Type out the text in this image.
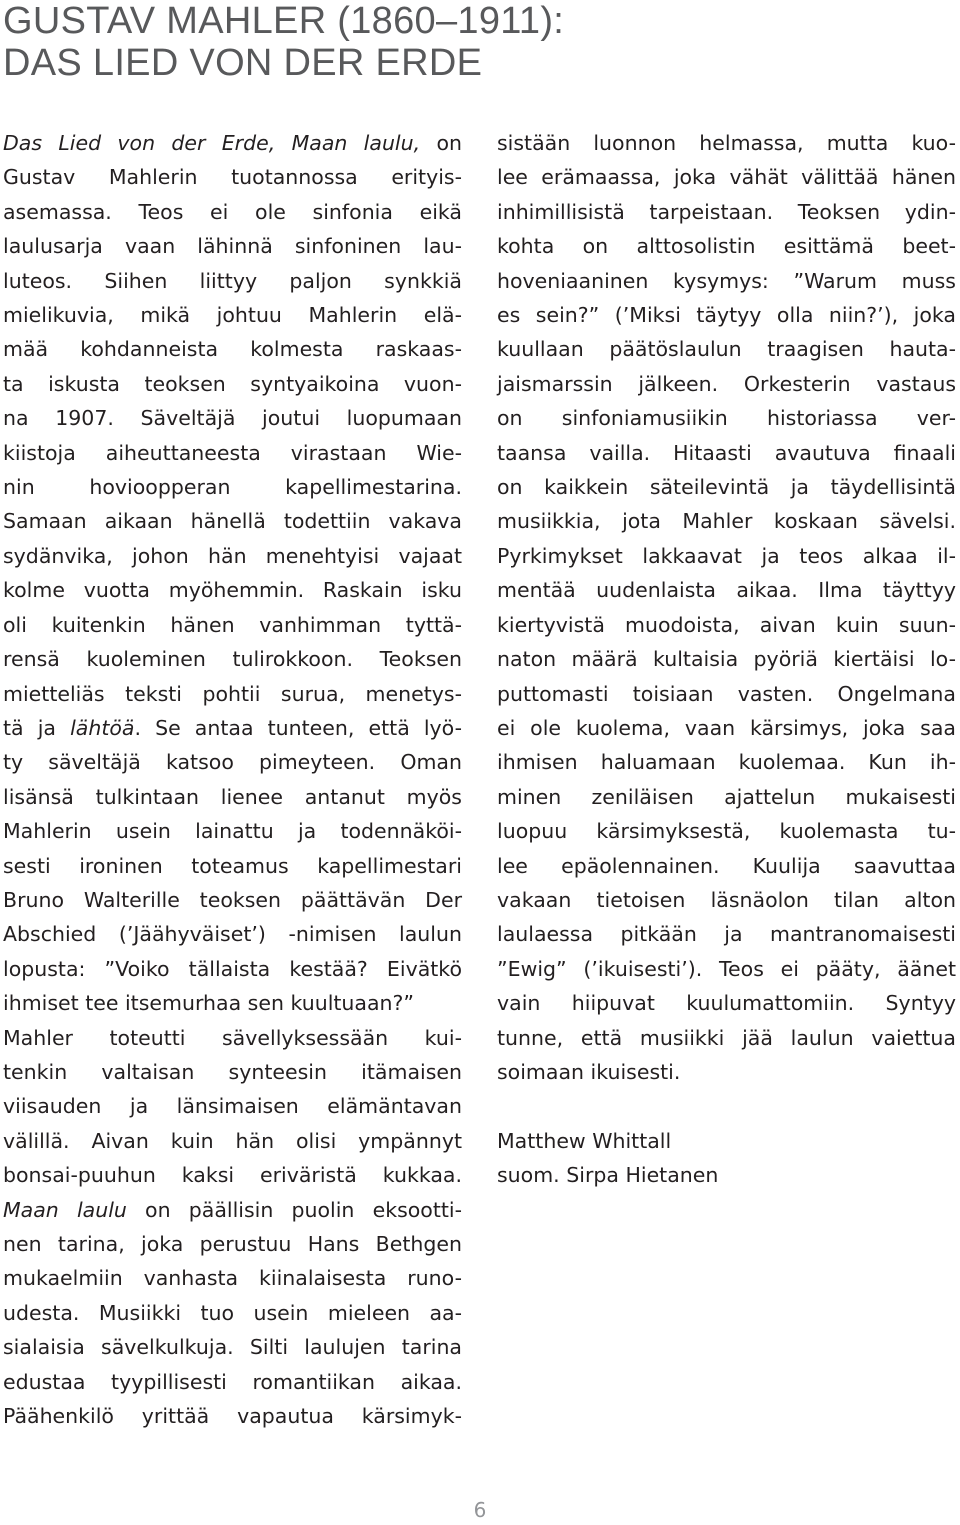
GUSTAV MAHLER (1860–1911):
DAS LIED VON DER ERDE
Das Lied von der Erde, Maan laulu, on
Gustav Mahlerin tuotannossa erityis-
asemassa. Teos ei ole sinfonia eikä
laulusarja vaan lähinnä sinfoninen lau-
luteos. Siihen liittyy paljon synkkiä
mielikuvia, mikä johtuu Mahlerin elä-
mää kohdanneista kolmesta raskaas-
ta iskusta teoksen syntyaikoina vuon-
na 1907. Säveltäjä joutui luopumaan
kiistoja aiheuttaneesta virastaan Wie-
nin hovioopperan kapellimestarina.
Samaan aikaan hänellä todettiin vakava
sydänvika, johon hän menehtyisi vajaat
kolme vuotta myöhemmin. Raskain isku
oli kuitenkin hänen vanhimman tyttä-
rensä kuoleminen tulirokkoon. Teoksen
mietteliäs teksti pohtii surua, menetys-
tä ja lähtöä. Se antaa tunteen, että lyö-
ty säveltäjä katsoo pimeyteen. Oman
lisänsä tulkintaan lienee antanut myös
Mahlerin usein lainattu ja todennäköi-
sesti ironinen toteamus kapellimestari
Bruno Walterille teoksen päättävän Der
Abschied (’Jäähyväiset’) -nimisen laulun
lopusta: ”Voiko tällaista kestää? Eivätkö
ihmiset tee itsemurhaa sen kuultuaan?”
Mahler toteutti sävellyksessään kui-
tenkin valtaisan synteesin itämaisen
viisauden ja länsimaisen elämäntavan
välillä. Aivan kuin hän olisi ympännyt
bonsai-puuhun kaksi eriväristä kukkaa.
Maan laulu on päällisin puolin eksootti-
nen tarina, joka perustuu Hans Bethgen
mukaelmiin vanhasta kiinalaisesta runo-
udesta. Musiikki tuo usein mieleen aa-
sialaisia sävelkulkuja. Silti laulujen tarina
edustaa tyypillisesti romantiikan aikaa.
Päähenkilö yrittää vapautua kärsimyk-
sistään luonnon helmassa, mutta kuo-
lee erämaassa, joka vähät välittää hänen
inhimillisistä tarpeistaan. Teoksen ydin-
kohta on alttosolistin esittämä beet-
hoveniaaninen kysymys: ”Warum muss
es sein?” (’Miksi täytyy olla niin?’), joka
kuullaan päätöslaulun traagisen hauta-
jaismarssin jälkeen. Orkesterin vastaus
on sinfoniamusiikin historiassa ver-
taansa vailla. Hitaasti avautuva finaali
on kaikkein säteilevintä ja täydellisintä
musiikkia, jota Mahler koskaan sävelsi.
Pyrkimykset lakkaavat ja teos alkaa il-
mentää uudenlaista aikaa. Ilma täyttyy
kiertyvistä muodoista, aivan kuin suun-
naton määrä kultaisia pyöriä kiertäisi lo-
puttomasti toisiaan vasten. Ongelmana
ei ole kuolema, vaan kärsimys, joka saa
ihmisen haluamaan kuolemaa. Kun ih-
minen zeniläisen ajattelun mukaisesti
luopuu kärsimyksestä, kuolemasta tu-
lee epäolennainen. Kuulija saavuttaa
vakaan tietoisen läsnäolon tilan alton
laulaessa pitkään ja mantranomaisesti
”Ewig” (’ikuisesti’). Teos ei pääty, äänet
vain hiipuvat kuulumattomiin. Syntyy
tunne, että musiikki jää laulun vaiettua
soimaan ikuisesti.
Matthew Whittall
suom. Sirpa Hietanen

6
